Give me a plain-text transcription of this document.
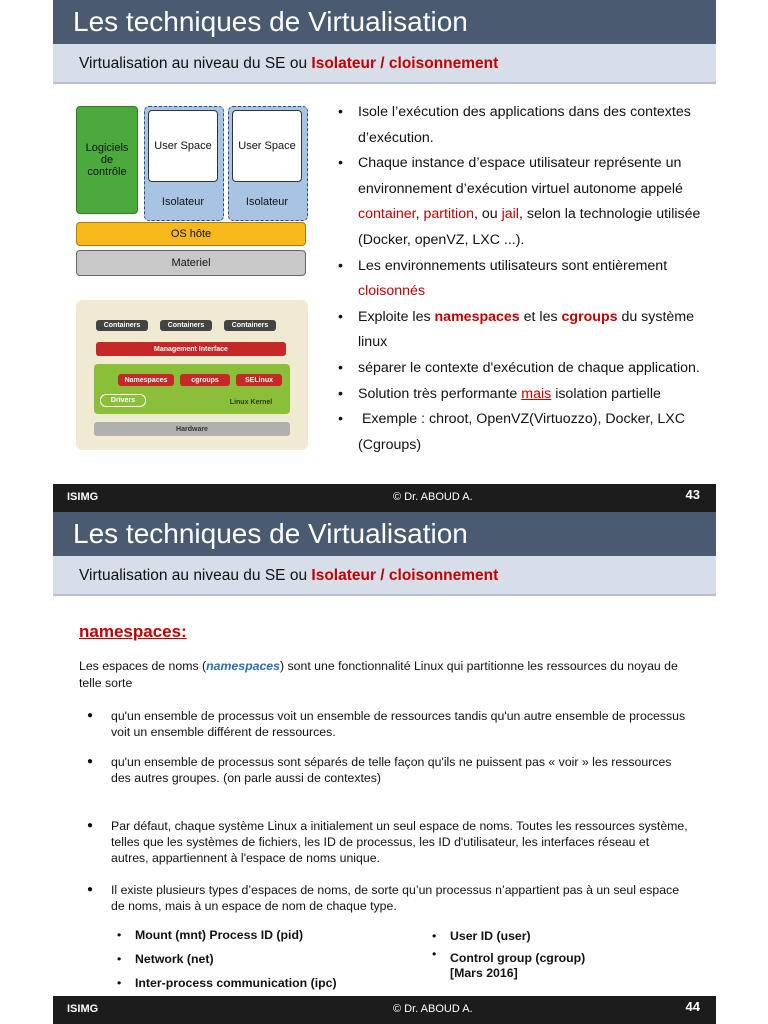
Les techniques de Virtualisation
Virtualisation au niveau du SE ou Isolateur / cloisonnement
Logiciels de contrôle
User Space User Space
Isolateur	Isolateur
OS hôte
Materiel
Containers	Containers	Containers
Management Interface
Namespaces	cgroups	SELinux
Drivers	Linux Kernel
Hardware
• Isole l’exécution des applications dans des contextes d’exécution.
• Chaque instance d’espace utilisateur représente un environnement d’exécution virtuel autonome appelé
container, partition, ou jail, selon la technologie utilisée (Docker, openVZ, LXC ...).
• Les environnements utilisateurs sont entièrement
cloisonnés
• Exploite les namespaces et les cgroups du système linux
• séparer le contexte d'exécution de chaque application.
• Solution très performante mais isolation partielle
• Exemple : chroot, OpenVZ(Virtuozzo), Docker, LXC (Cgroups)
ISIMG	© Dr. ABOUD A.	43
Les techniques de Virtualisation
Virtualisation au niveau du SE ou Isolateur / cloisonnement
namespaces:
Les espaces de noms (namespaces) sont une fonctionnalité Linux qui partitionne les ressources du noyau de telle sorte
● qu'un ensemble de processus voit un ensemble de ressources tandis qu'un autre ensemble de processus voit un ensemble différent de ressources.
● qu'un ensemble de processus sont séparés de telle façon qu'ils ne puissent pas « voir » les ressources des autres groupes. (on parle aussi de contextes)
● Par défaut, chaque système Linux a initialement un seul espace de noms. Toutes les ressources système, telles que les systèmes de fichiers, les ID de processus, les ID d'utilisateur, les interfaces réseau et autres, appartiennent à l'espace de noms unique.
● Il existe plusieurs types d’espaces de noms, de sorte qu’un processus n’appartient pas à un seul espace de noms, mais à un espace de nom de chaque type.
• Mount (mnt) Process ID (pid)
• Network (net)
• Inter-process communication (ipc)
• User ID (user)
• Control group (cgroup) [Mars 2016]
ISIMG	© Dr. ABOUD A.	44
